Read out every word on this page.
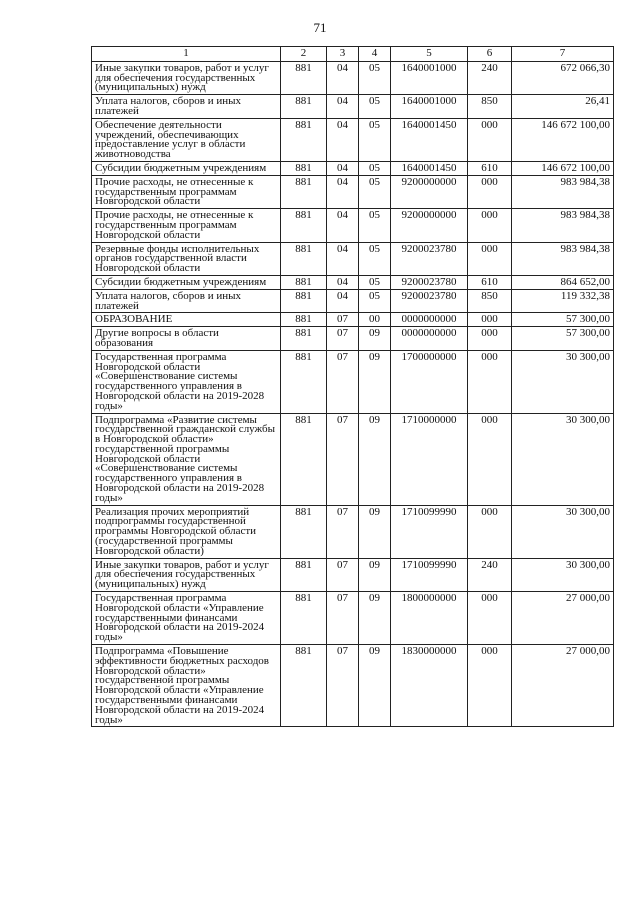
71
1	2	3	4	5	6	7
Иные закупки товаров, работ и услуг для обеспечения государственных (муниципальных) нужд	881	04	05	1640001000	240	672 066,30
Уплата налогов, сборов и иных платежей	881	04	05	1640001000	850	26,41
Обеспечение деятельности учреждений, обеспечивающих предоставление услуг в области животноводства	881	04	05	1640001450	000	146 672 100,00
Субсидии бюджетным учреждениям	881	04	05	1640001450	610	146 672 100,00
Прочие расходы, не отнесенные к государственным программам Новгородской области	881	04	05	9200000000	000	983 984,38
Прочие расходы, не отнесенные к государственным программам Новгородской области	881	04	05	9200000000	000	983 984,38
Резервные фонды исполнительных органов государственной власти Новгородской области	881	04	05	9200023780	000	983 984,38
Субсидии бюджетным учреждениям	881	04	05	9200023780	610	864 652,00
Уплата налогов, сборов и иных платежей	881	04	05	9200023780	850	119 332,38
ОБРАЗОВАНИЕ	881	07	00	0000000000	000	57 300,00
Другие вопросы в области образования	881	07	09	0000000000	000	57 300,00
Государственная программа Новгородской области «Совершенствование системы государственного управления в Новгородской области на 2019-2028 годы»	881	07	09	1700000000	000	30 300,00
Подпрограмма «Развитие системы государственной гражданской службы в Новгородской области» государственной программы Новгородской области «Совершенствование системы государственного управления в Новгородской области на 2019-2028 годы»	881	07	09	1710000000	000	30 300,00
Реализация прочих мероприятий подпрограммы государственной программы Новгородской области (государственной программы Новгородской области)	881	07	09	1710099990	000	30 300,00
Иные закупки товаров, работ и услуг для обеспечения государственных (муниципальных) нужд	881	07	09	1710099990	240	30 300,00
Государственная программа Новгородской области «Управление государственными финансами Новгородской области на 2019-2024 годы»	881	07	09	1800000000	000	27 000,00
Подпрограмма «Повышение эффективности бюджетных расходов Новгородской области» государственной программы Новгородской области «Управление государственными финансами Новгородской области на 2019-2024 годы»	881	07	09	1830000000	000	27 000,00
